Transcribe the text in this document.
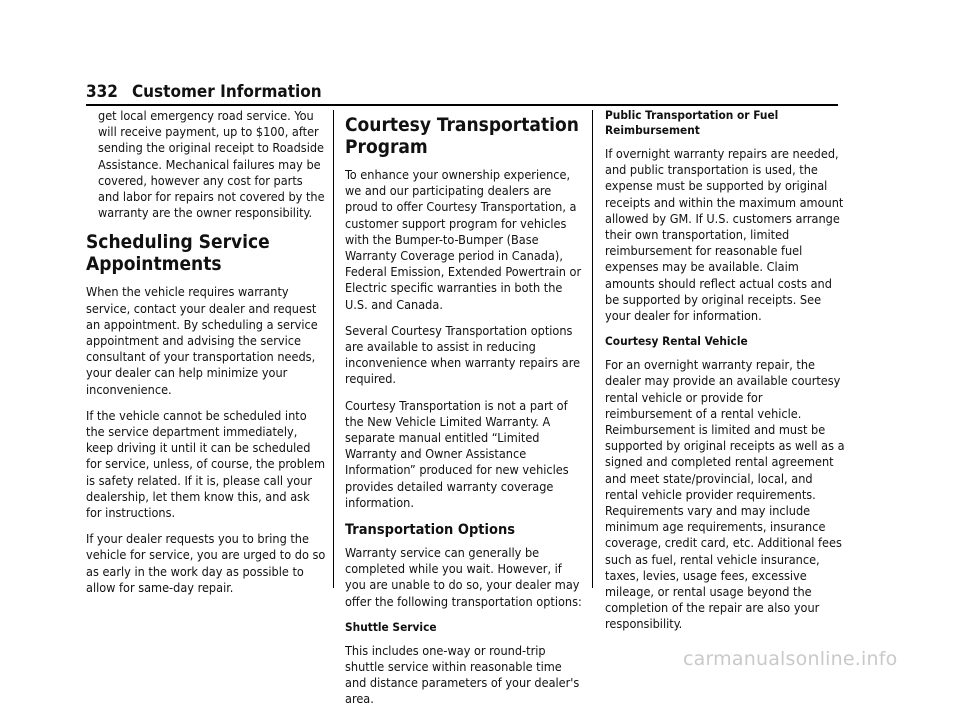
332 Customer Information

get local emergency road service. You will receive payment, up to $100, after sending the original receipt to Roadside Assistance. Mechanical failures may be covered, however any cost for parts and labor for repairs not covered by the warranty are the owner responsibility.

Scheduling Service Appointments

When the vehicle requires warranty service, contact your dealer and request an appointment. By scheduling a service appointment and advising the service consultant of your transportation needs, your dealer can help minimize your inconvenience.

If the vehicle cannot be scheduled into the service department immediately, keep driving it until it can be scheduled for service, unless, of course, the problem is safety related. If it is, please call your dealership, let them know this, and ask for instructions.

If your dealer requests you to bring the vehicle for service, you are urged to do so as early in the work day as possible to allow for same-day repair.

Courtesy Transportation Program

To enhance your ownership experience, we and our participating dealers are proud to offer Courtesy Transportation, a customer support program for vehicles with the Bumper-to-Bumper (Base Warranty Coverage period in Canada), Federal Emission, Extended Powertrain or Electric specific warranties in both the U.S. and Canada.

Several Courtesy Transportation options are available to assist in reducing inconvenience when warranty repairs are required.

Courtesy Transportation is not a part of the New Vehicle Limited Warranty. A separate manual entitled “Limited Warranty and Owner Assistance Information” produced for new vehicles provides detailed warranty coverage information.

Transportation Options

Warranty service can generally be completed while you wait. However, if you are unable to do so, your dealer may offer the following transportation options:

Shuttle Service

This includes one-way or round-trip shuttle service within reasonable time and distance parameters of your dealer's area.

Public Transportation or Fuel Reimbursement

If overnight warranty repairs are needed, and public transportation is used, the expense must be supported by original receipts and within the maximum amount allowed by GM. If U.S. customers arrange their own transportation, limited reimbursement for reasonable fuel expenses may be available. Claim amounts should reflect actual costs and be supported by original receipts. See your dealer for information.

Courtesy Rental Vehicle

For an overnight warranty repair, the dealer may provide an available courtesy rental vehicle or provide for reimbursement of a rental vehicle. Reimbursement is limited and must be supported by original receipts as well as a signed and completed rental agreement and meet state/provincial, local, and rental vehicle provider requirements. Requirements vary and may include minimum age requirements, insurance coverage, credit card, etc. Additional fees such as fuel, rental vehicle insurance, taxes, levies, usage fees, excessive mileage, or rental usage beyond the completion of the repair are also your responsibility.

carmanualsonline.info
